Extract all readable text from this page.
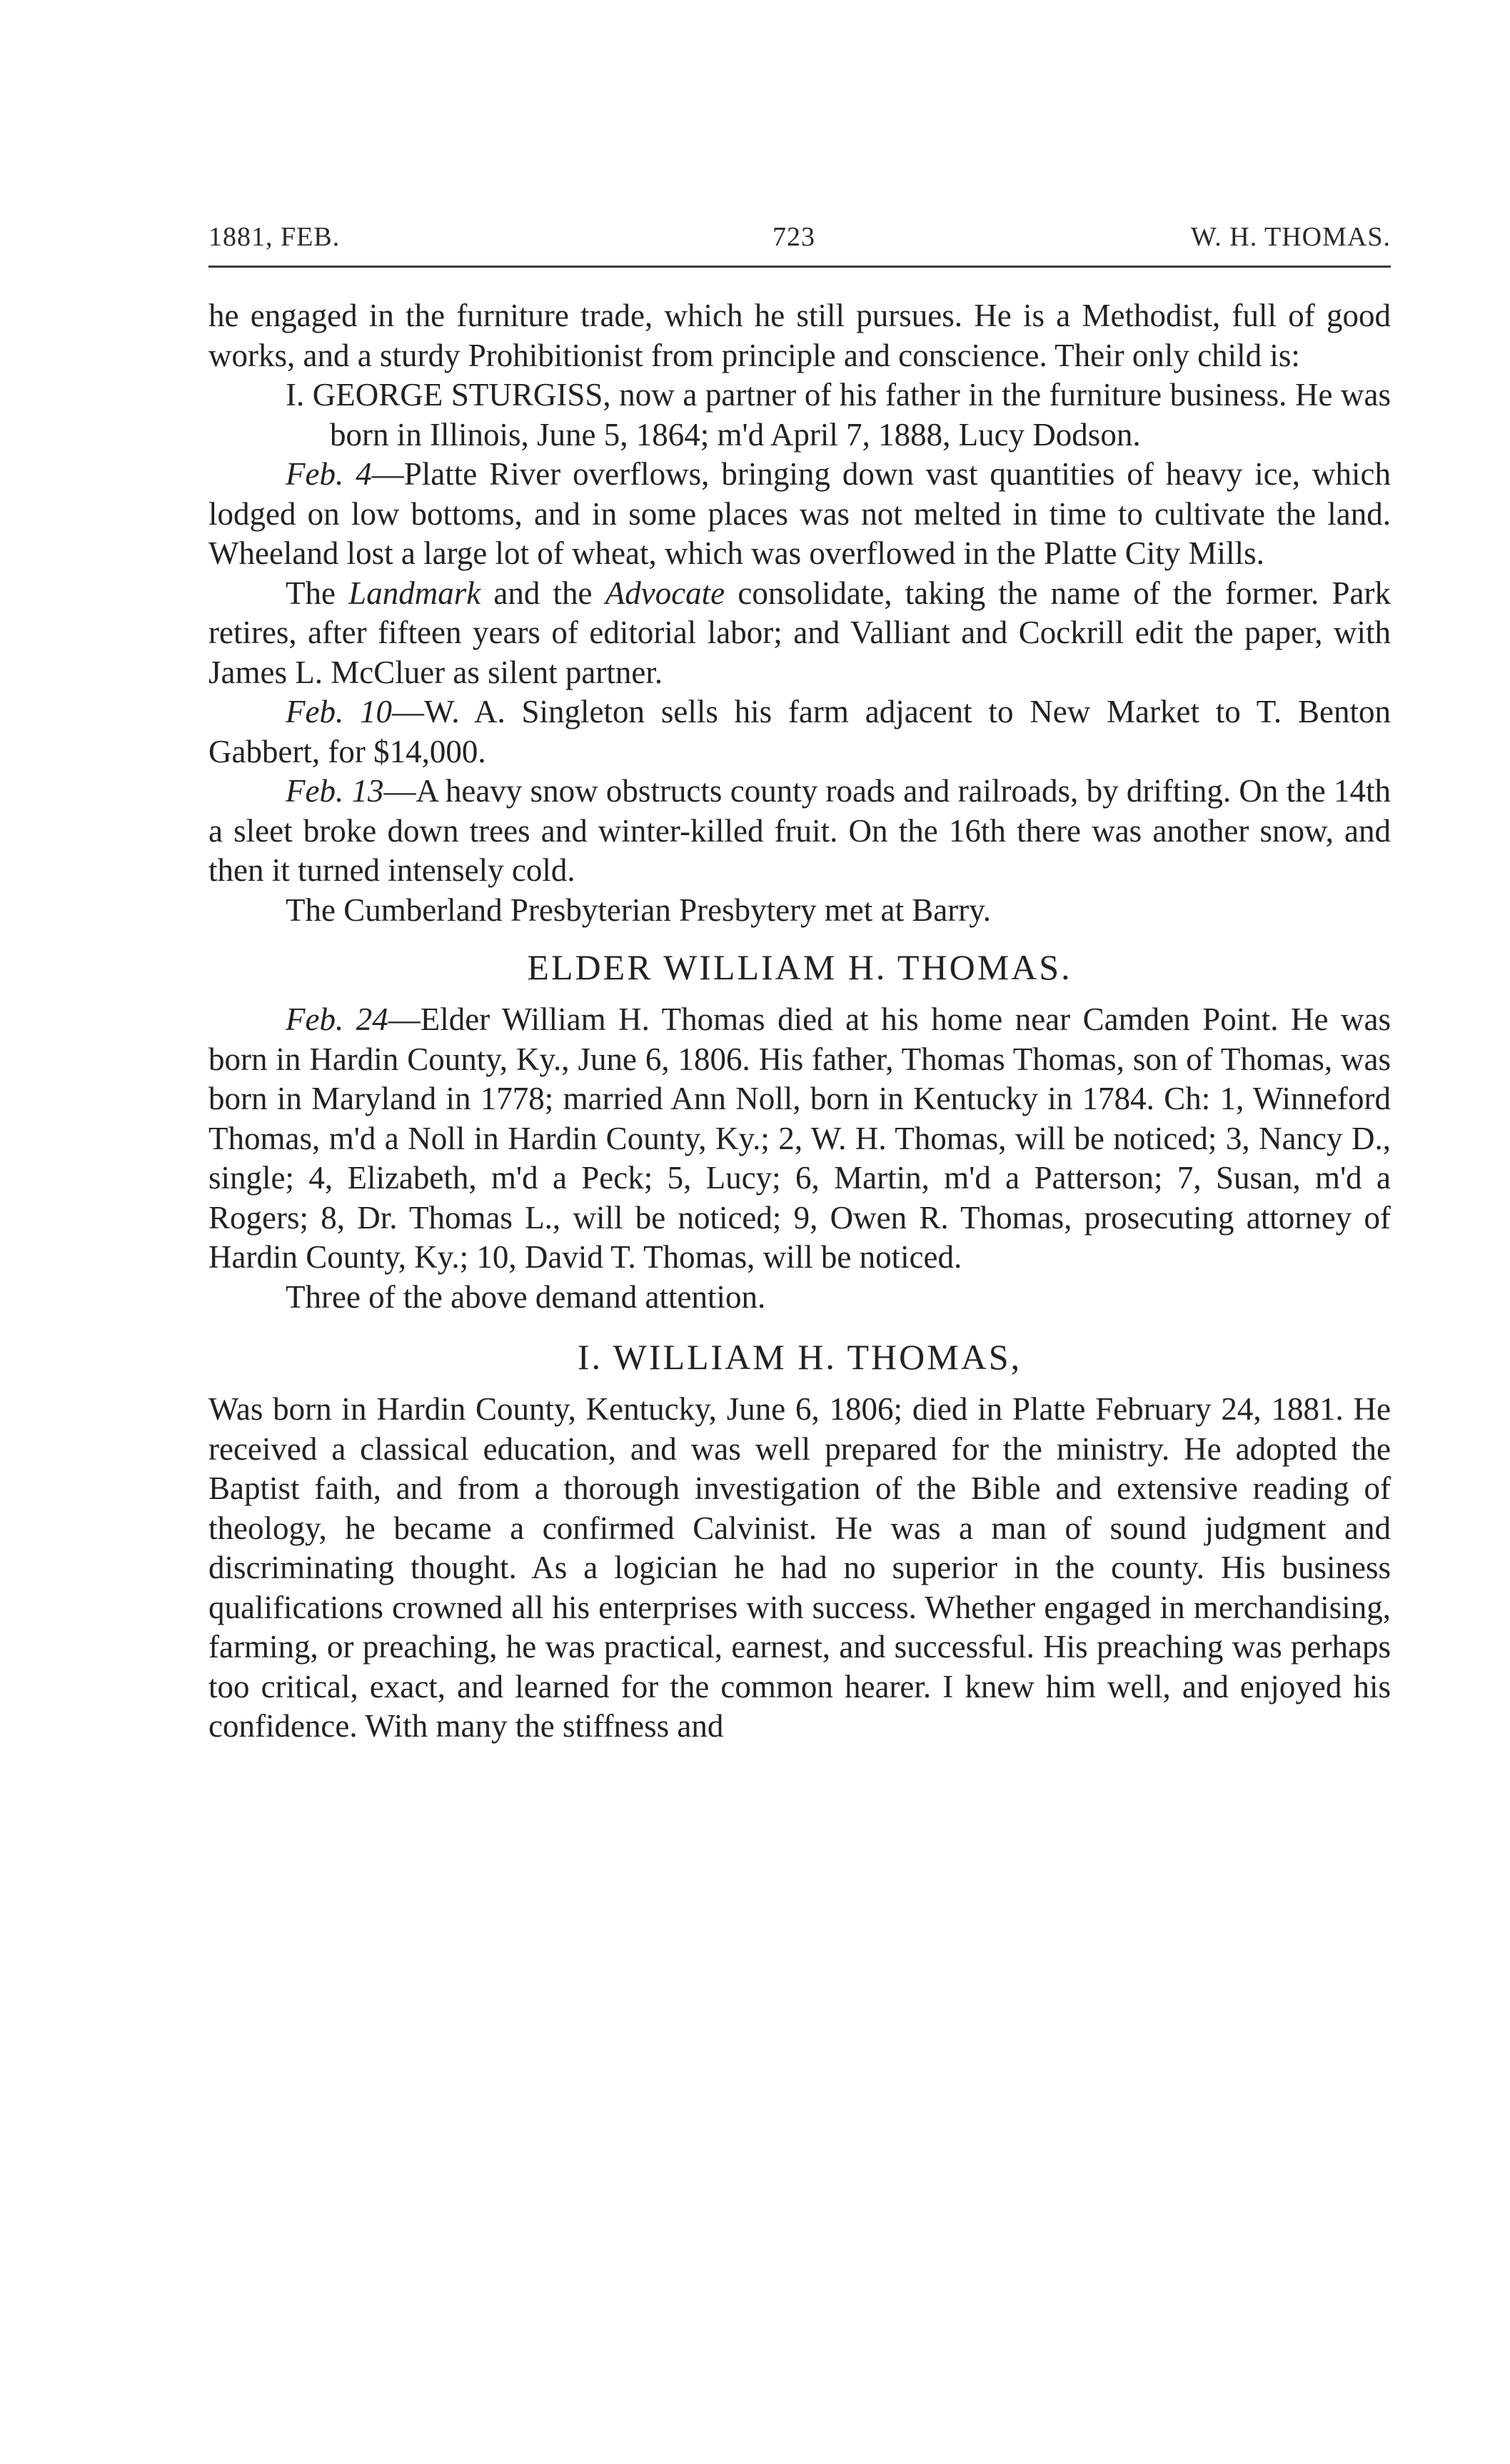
1881, FEB.	723	W. H. THOMAS.

he engaged in the furniture trade, which he still pursues. He is a Methodist, full of good works, and a sturdy Prohibitionist from principle and conscience. Their only child is:

I. GEORGE STURGISS, now a partner of his father in the furniture business. He was born in Illinois, June 5, 1864; m'd April 7, 1888, Lucy Dodson.

Feb. 4—Platte River overflows, bringing down vast quantities of heavy ice, which lodged on low bottoms, and in some places was not melted in time to cultivate the land. Wheeland lost a large lot of wheat, which was overflowed in the Platte City Mills.

The Landmark and the Advocate consolidate, taking the name of the former. Park retires, after fifteen years of editorial labor; and Valliant and Cockrill edit the paper, with James L. McCluer as silent partner.

Feb. 10—W. A. Singleton sells his farm adjacent to New Market to T. Benton Gabbert, for $14,000.

Feb. 13—A heavy snow obstructs county roads and railroads, by drifting. On the 14th a sleet broke down trees and winter-killed fruit. On the 16th there was another snow, and then it turned intensely cold.

The Cumberland Presbyterian Presbytery met at Barry.

ELDER WILLIAM H. THOMAS.

Feb. 24—Elder William H. Thomas died at his home near Camden Point. He was born in Hardin County, Ky., June 6, 1806. His father, Thomas Thomas, son of Thomas, was born in Maryland in 1778; married Ann Noll, born in Kentucky in 1784. Ch: 1, Winneford Thomas, m'd a Noll in Hardin County, Ky.; 2, W. H. Thomas, will be noticed; 3, Nancy D., single; 4, Elizabeth, m'd a Peck; 5, Lucy; 6, Martin, m'd a Patterson; 7, Susan, m'd a Rogers; 8, Dr. Thomas L., will be noticed; 9, Owen R. Thomas, prosecuting attorney of Hardin County, Ky.; 10, David T. Thomas, will be noticed.

Three of the above demand attention.

I. WILLIAM H. THOMAS,

Was born in Hardin County, Kentucky, June 6, 1806; died in Platte February 24, 1881. He received a classical education, and was well prepared for the ministry. He adopted the Baptist faith, and from a thorough investigation of the Bible and extensive reading of theology, he became a confirmed Calvinist. He was a man of sound judgment and discriminating thought. As a logician he had no superior in the county. His business qualifications crowned all his enterprises with success. Whether engaged in merchandising, farming, or preaching, he was practical, earnest, and successful. His preaching was perhaps too critical, exact, and learned for the common hearer. I knew him well, and enjoyed his confidence. With many the stiffness and
